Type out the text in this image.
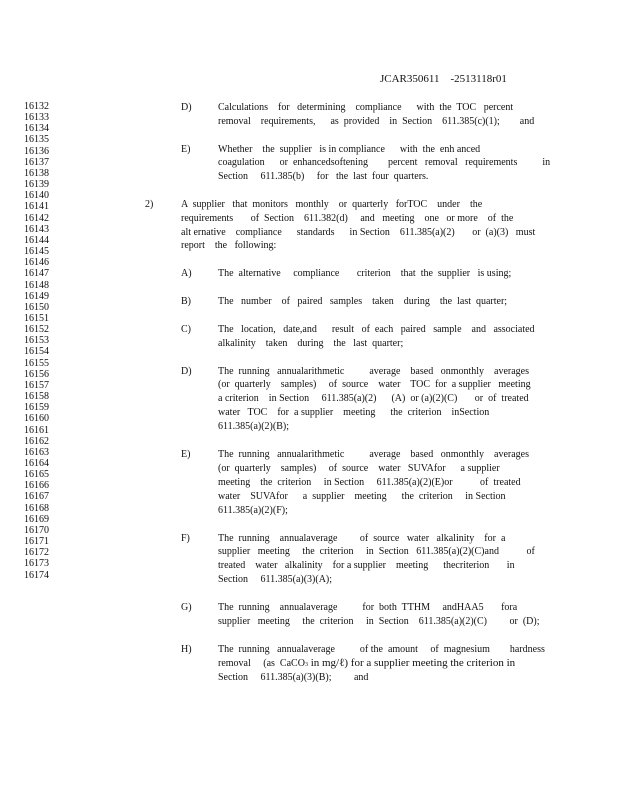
JCAR350611    -2513118r01
16132
16133
16134
16135
16136
16137
16138
16139
16140
16141
16142
16143
16144
16145
16146
16147
16148
16149
16150
16151
16152
16153
16154
16155
16156
16157
16158
16159
16160
16161
16162
16163
16164
16165
16166
16167
16168
16169
16170
16171
16172
16173
16174
D)	Calculations    for   determining    compliance      with  the  TOC   percent
removal    requirements,      as  provided    in  Section    611.385(c)(1);        and
E)	Whether    the  supplier   is in compliance      with  the  enh anced
coagulation      or  enhancedsoftening        percent   removal   requirements          in
Section     611.385(b)     for   the  last  four  quarters.
2)	A  supplier   that  monitors   monthly    or  quarterly   forTOC    under    the
requirements       of  Section    611.382(d)     and   meeting    one   or more    of  the
alt ernative    compliance      standards      in Section    611.385(a)(2)       or  (a)(3)   must
report    the   following:
A)	The  alternative     compliance       criterion    that  the  supplier   is using;
B)	The   number    of   paired   samples    taken    during    the  last  quarter;
C)	The   location,   date,and      result   of  each   paired   sample    and   associated
alkalinity    taken    during    the   last  quarter;
D)	The  running   annualarithmetic          average    based   onmonthly    averages
(or  quarterly    samples)     of  source    water    TOC  for  a supplier   meeting
a criterion    in Section     611.385(a)(2)      (A)  or (a)(2)(C)       or  of  treated
water   TOC    for  a supplier    meeting      the  criterion    inSection
611.385(a)(2)(B);
E)	The  running   annualarithmetic          average    based   onmonthly    averages
(or  quarterly    samples)     of  source    water   SUVAfor      a supplier
meeting    the  criterion     in Section     611.385(a)(2)(E)or           of  treated
water    SUVAfor      a  supplier    meeting      the  criterion     in Section
611.385(a)(2)(F);
F)	The  running    annualaverage         of  source   water   alkalinity    for  a
supplier   meeting     the  criterion     in  Section   611.385(a)(2)(C)and           of
treated    water   alkalinity    for a supplier    meeting      thecriterion       in
Section     611.385(a)(3)(A);
G)	The  running    annualaverage          for  both  TTHM     andHAA5       fora
supplier   meeting     the  criterion     in  Section    611.385(a)(2)(C)         or  (D);
H)	The  running   annualaverage          of the  amount     of  magnesium        hardness
removal     (as  CaCO3 in mg/ℓ) for a supplier meeting the criterion in
Section     611.385(a)(3)(B);         and
